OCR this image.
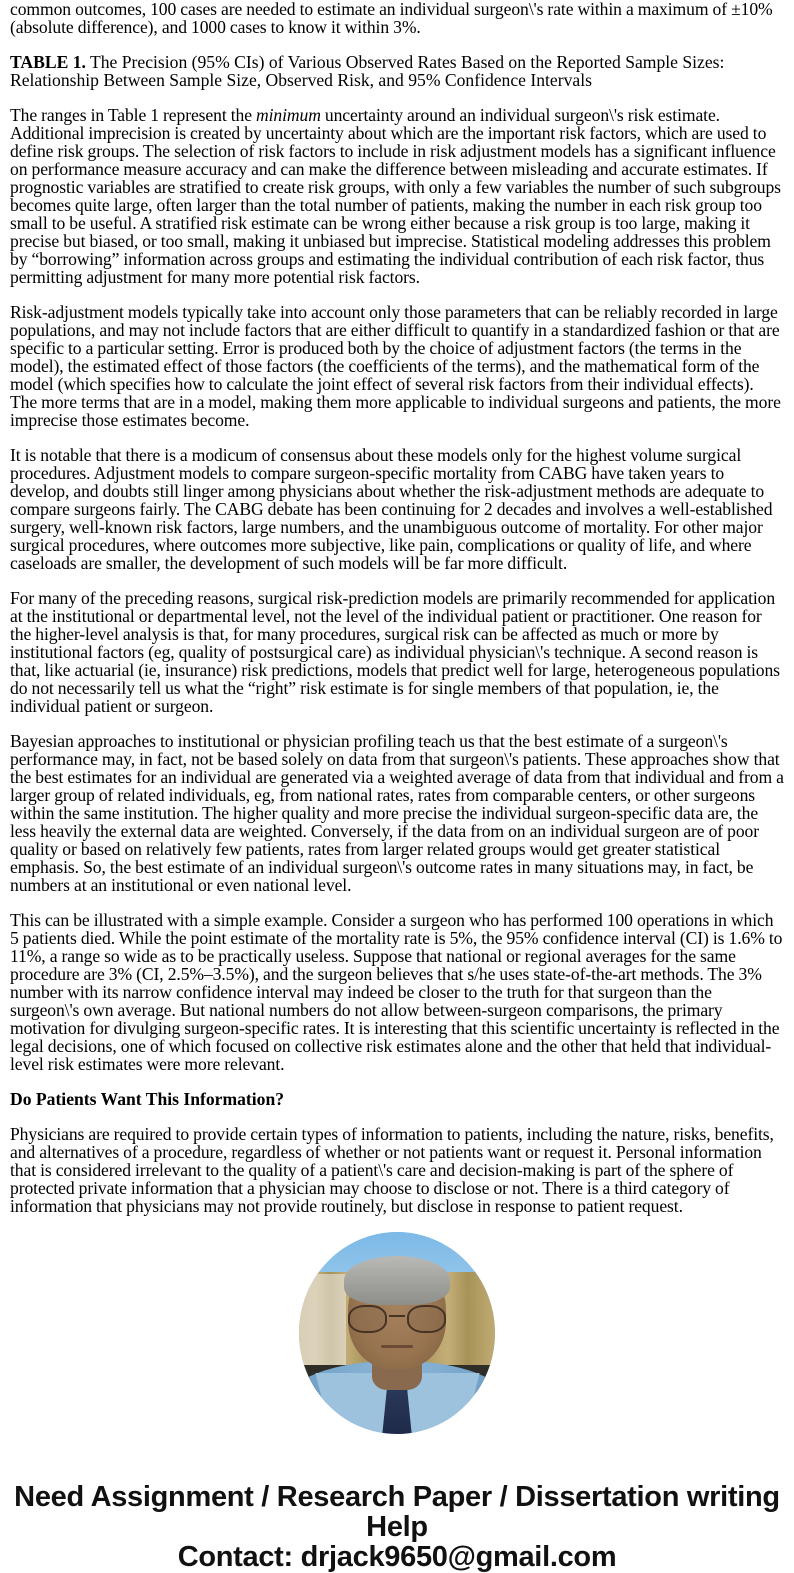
common outcomes, 100 cases are needed to estimate an individual surgeon\'s rate within a maximum of ±10% (absolute difference), and 1000 cases to know it within 3%.

TABLE 1. The Precision (95% CIs) of Various Observed Rates Based on the Reported Sample Sizes: Relationship Between Sample Size, Observed Risk, and 95% Confidence Intervals

The ranges in Table 1 represent the minimum uncertainty around an individual surgeon\'s risk estimate. Additional imprecision is created by uncertainty about which are the important risk factors, which are used to define risk groups. The selection of risk factors to include in risk adjustment models has a significant influence on performance measure accuracy and can make the difference between misleading and accurate estimates. If prognostic variables are stratified to create risk groups, with only a few variables the number of such subgroups becomes quite large, often larger than the total number of patients, making the number in each risk group too small to be useful. A stratified risk estimate can be wrong either because a risk group is too large, making it precise but biased, or too small, making it unbiased but imprecise. Statistical modeling addresses this problem by “borrowing” information across groups and estimating the individual contribution of each risk factor, thus permitting adjustment for many more potential risk factors.

Risk-adjustment models typically take into account only those parameters that can be reliably recorded in large populations, and may not include factors that are either difficult to quantify in a standardized fashion or that are specific to a particular setting. Error is produced both by the choice of adjustment factors (the terms in the model), the estimated effect of those factors (the coefficients of the terms), and the mathematical form of the model (which specifies how to calculate the joint effect of several risk factors from their individual effects). The more terms that are in a model, making them more applicable to individual surgeons and patients, the more imprecise those estimates become.

It is notable that there is a modicum of consensus about these models only for the highest volume surgical procedures. Adjustment models to compare surgeon-specific mortality from CABG have taken years to develop, and doubts still linger among physicians about whether the risk-adjustment methods are adequate to compare surgeons fairly. The CABG debate has been continuing for 2 decades and involves a well-established surgery, well-known risk factors, large numbers, and the unambiguous outcome of mortality. For other major surgical procedures, where outcomes more subjective, like pain, complications or quality of life, and where caseloads are smaller, the development of such models will be far more difficult.

For many of the preceding reasons, surgical risk-prediction models are primarily recommended for application at the institutional or departmental level, not the level of the individual patient or practitioner. One reason for the higher-level analysis is that, for many procedures, surgical risk can be affected as much or more by institutional factors (eg, quality of postsurgical care) as individual physician\'s technique. A second reason is that, like actuarial (ie, insurance) risk predictions, models that predict well for large, heterogeneous populations do not necessarily tell us what the “right” risk estimate is for single members of that population, ie, the individual patient or surgeon.

Bayesian approaches to institutional or physician profiling teach us that the best estimate of a surgeon\'s performance may, in fact, not be based solely on data from that surgeon\'s patients. These approaches show that the best estimates for an individual are generated via a weighted average of data from that individual and from a larger group of related individuals, eg, from national rates, rates from comparable centers, or other surgeons within the same institution. The higher quality and more precise the individual surgeon-specific data are, the less heavily the external data are weighted. Conversely, if the data from on an individual surgeon are of poor quality or based on relatively few patients, rates from larger related groups would get greater statistical emphasis. So, the best estimate of an individual surgeon\'s outcome rates in many situations may, in fact, be numbers at an institutional or even national level.

This can be illustrated with a simple example. Consider a surgeon who has performed 100 operations in which 5 patients died. While the point estimate of the mortality rate is 5%, the 95% confidence interval (CI) is 1.6% to 11%, a range so wide as to be practically useless. Suppose that national or regional averages for the same procedure are 3% (CI, 2.5%–3.5%), and the surgeon believes that s/he uses state-of-the-art methods. The 3% number with its narrow confidence interval may indeed be closer to the truth for that surgeon than the surgeon\'s own average. But national numbers do not allow between-surgeon comparisons, the primary motivation for divulging surgeon-specific rates. It is interesting that this scientific uncertainty is reflected in the legal decisions, one of which focused on collective risk estimates alone and the other that held that individual-level risk estimates were more relevant.

Do Patients Want This Information?

Physicians are required to provide certain types of information to patients, including the nature, risks, benefits, and alternatives of a procedure, regardless of whether or not patients want or request it. Personal information that is considered irrelevant to the quality of a patient\'s care and decision-making is part of the sphere of protected private information that a physician may choose to disclose or not. There is a third category of information that physicians may not provide routinely, but disclose in response to patient request.

Need Assignment / Research Paper / Dissertation writing Help
Contact: drjack9650@gmail.com
